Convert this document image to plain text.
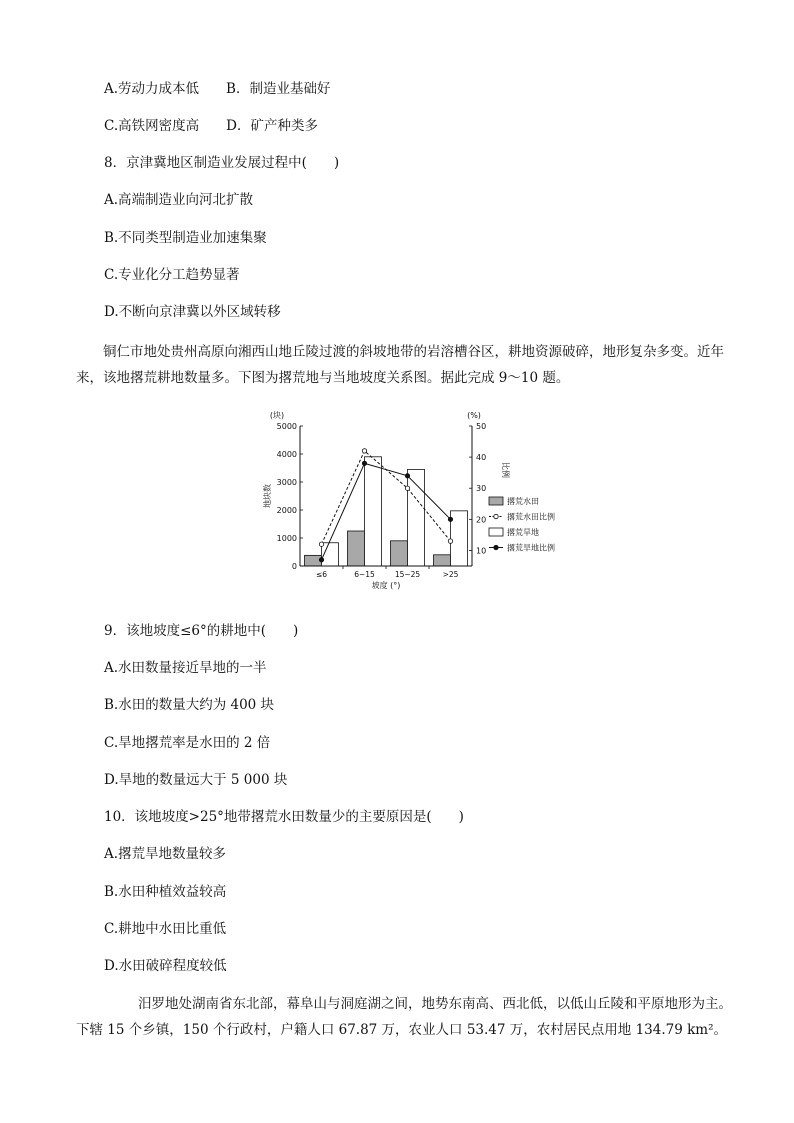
A.劳动力成本低　　B．制造业基础好
C.高铁网密度高　　D．矿产种类多
8．京津冀地区制造业发展过程中(　　)
A.高端制造业向河北扩散
B.不同类型制造业加速集聚
C.专业化分工趋势显著
D.不断向京津冀以外区域转移
铜仁市地处贵州高原向湘西山地丘陵过渡的斜坡地带的岩溶槽谷区，耕地资源破碎，地形复杂多变。近年来，该地撂荒耕地数量多。下图为撂荒地与当地坡度关系图。据此完成 9～10 题。
(块)
地块数
(%)
比例
坡度 (°)
0
1000
2000
3000
4000
5000
10
20
30
40
50
≤6	6~15	15~25	>25
撂荒水田
撂荒水田比例
撂荒旱地
撂荒旱地比例
9．该地坡度≤6°的耕地中(　　)
A.水田数量接近旱地的一半
B.水田的数量大约为 400 块
C.旱地撂荒率是水田的 2 倍
D.旱地的数量远大于 5 000 块
10．该地坡度>25°地带撂荒水田数量少的主要原因是(　　)
A.撂荒旱地数量较多
B.水田种植效益较高
C.耕地中水田比重低
D.水田破碎程度较低
汨罗地处湖南省东北部，幕阜山与洞庭湖之间，地势东南高、西北低，以低山丘陵和平原地形为主。下辖 15 个乡镇，150 个行政村，户籍人口 67.87 万，农业人口 53.47 万，农村居民点用地 134.79 km²。
